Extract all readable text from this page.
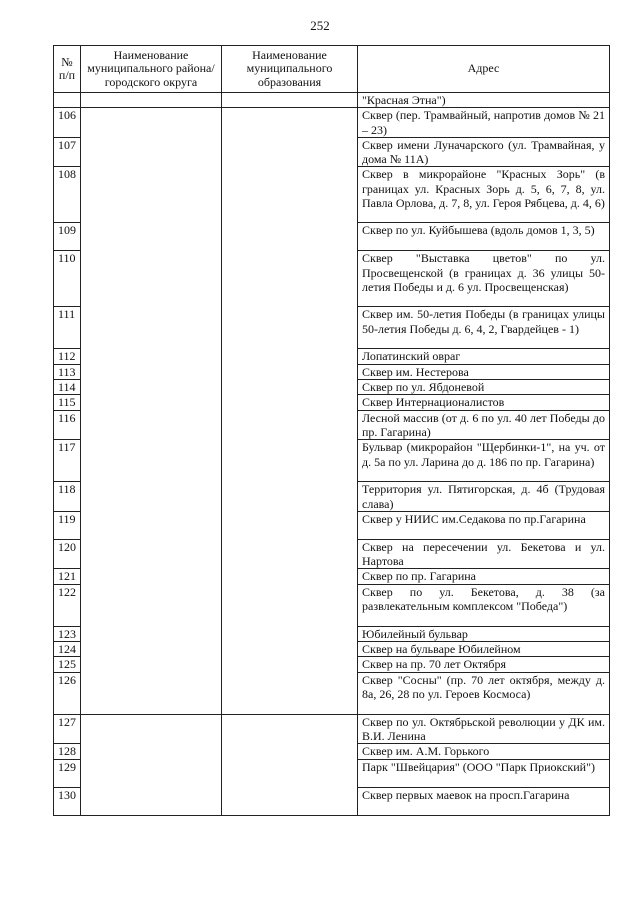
252
№ п/п	Наименование муниципального района/ городского округа	Наименование муниципального образования	Адрес
			"Красная Этна")
106			Сквер (пер. Трамвайный, напротив домов № 21 – 23)
107			Сквер имени Луначарского (ул. Трамвайная, у дома № 11А)
108			Сквер в микрорайоне "Красных Зорь" (в границах ул. Красных Зорь д. 5, 6, 7, 8, ул. Павла Орлова, д. 7, 8, ул. Героя Рябцева, д. 4, 6)
109			Сквер по ул. Куйбышева (вдоль домов 1, 3, 5)
110			Сквер "Выставка цветов" по ул. Просвещенской (в границах д. 36 улицы 50-летия Победы и д. 6 ул. Просвещенская)
111			Сквер им. 50-летия Победы (в границах улицы 50-летия Победы д. 6, 4, 2, Гвардейцев - 1)
112			Лопатинский овраг
113			Сквер им. Нестерова
114			Сквер по ул. Ябдоневой
115			Сквер Интернационалистов
116			Лесной массив (от д. 6 по ул. 40 лет Победы до пр. Гагарина)
117			Бульвар (микрорайон "Щербинки-1", на уч. от д. 5а по ул. Ларина до д. 186 по пр. Гагарина)
118			Территория ул. Пятигорская, д. 4б (Трудовая слава)
119			Сквер у НИИС им.Седакова по пр.Гагарина
120			Сквер на пересечении ул. Бекетова и ул. Нартова
121			Сквер по пр. Гагарина
122			Сквер по ул. Бекетова, д. 38 (за развлекательным комплексом "Победа")
123			Юбилейный бульвар
124			Сквер на бульваре Юбилейном
125			Сквер на пр. 70 лет Октября
126			Сквер "Сосны" (пр. 70 лет октября, между д. 8а, 26, 28 по ул. Героев Космоса)
127			Сквер по ул. Октябрьской революции у ДК им. В.И. Ленина
128			Сквер им. А.М. Горького
129			Парк "Швейцария" (ООО "Парк Приокский")
130			Сквер первых маевок на просп.Гагарина
